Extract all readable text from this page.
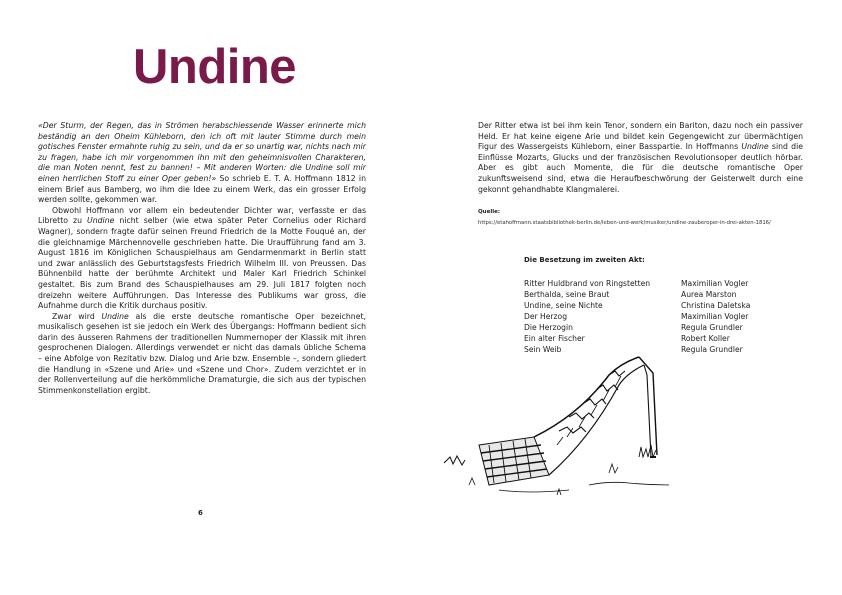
Undine

«Der Sturm, der Regen, das in Strömen herabschiessende Wasser erinnerte mich beständig an den Oheim Kühleborn, den ich oft mit lauter Stimme durch mein gotisches Fenster ermahnte ruhig zu sein, und da er so unartig war, nichts nach mir zu fragen, habe ich mir vorgenommen ihn mit den geheimnisvollen Charakteren, die man Noten nennt, fest zu bannen! – Mit anderen Worten: die Undine soll mir einen herrlichen Stoff zu einer Oper geben!» So schrieb E. T. A. Hoffmann 1812 in einem Brief aus Bamberg, wo ihm die Idee zu einem Werk, das ein grosser Erfolg werden sollte, gekommen war.

Obwohl Hoffmann vor allem ein bedeutender Dichter war, verfasste er das Libretto zu Undine nicht selber (wie etwa später Peter Cornelius oder Richard Wagner), sondern fragte dafür seinen Freund Friedrich de la Motte Fouqué an, der die gleichnamige Märchennovelle geschrieben hatte. Die Uraufführung fand am 3. August 1816 im Königlichen Schauspielhaus am Gendarmenmarkt in Berlin statt und zwar anlässlich des Geburtstagsfests Friedrich Wilhelm III. von Preussen. Das Bühnenbild hatte der berühmte Architekt und Maler Karl Friedrich Schinkel gestaltet. Bis zum Brand des Schauspielhauses am 29. Juli 1817 folgten noch dreizehn weitere Aufführungen. Das Interesse des Publikums war gross, die Aufnahme durch die Kritik durchaus positiv.

Zwar wird Undine als die erste deutsche romantische Oper bezeichnet, musikalisch gesehen ist sie jedoch ein Werk des Übergangs: Hoffmann bedient sich darin des äusseren Rahmens der traditionellen Nummernoper der Klassik mit ihren gesprochenen Dialogen. Allerdings verwendet er nicht das damals übliche Schema – eine Abfolge von Rezitativ bzw. Dialog und Arie bzw. Ensemble –, sondern gliedert die Handlung in «Szene und Arie» und «Szene und Chor». Zudem verzichtet er in der Rollenverteilung auf die herkömmliche Dramaturgie, die sich aus der typischen Stimmenkonstellation ergibt.

6

Der Ritter etwa ist bei ihm kein Tenor, sondern ein Bariton, dazu noch ein passiver Held. Er hat keine eigene Arie und bildet kein Gegengewicht zur übermächtigen Figur des Wassergeists Kühleborn, einer Basspartie. In Hoffmanns Undine sind die Einflüsse Mozarts, Glucks und der französischen Revolutionsoper deutlich hörbar. Aber es gibt auch Momente, die für die deutsche romantische Oper zukunftsweisend sind, etwa die Heraufbeschwörung der Geisterwelt durch eine gekonnt gehandhabte Klangmalerei.

Quelle:
https://etahoffmann.staatsbibliothek-berlin.de/leben-und-werk/musiker/undine-zauberoper-in-drei-akten-1816/
Die Besetzung im zweiten Akt:
Ritter Huldbrand von Ringstetten	Maximilian Vogler
Berthalda, seine Braut	Aurea Marston
Undine, seine Nichte	Christina Daletska
Der Herzog	Maximilian Vogler
Die Herzogin	Regula Grundler
Ein alter Fischer	Robert Koller
Sein Weib	Regula Grundler
